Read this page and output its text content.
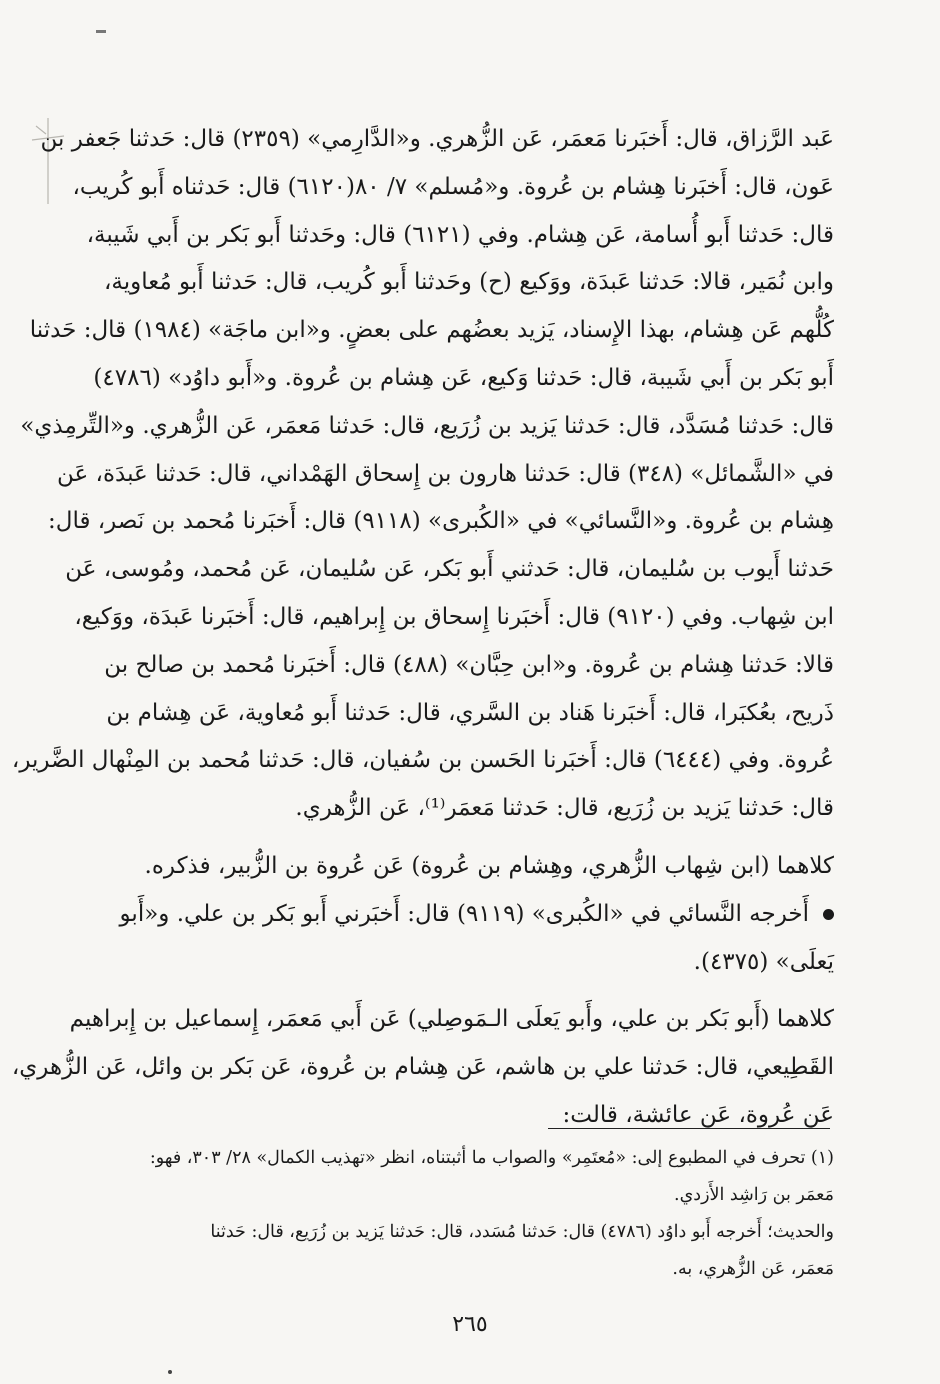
عَبد الرَّزاق، قال: أَخبَرنا مَعمَر، عَن الزُّهري. و«الدَّارِمي» (٢٣٥٩) قال: حَدثنا جَعفر بن
عَون، قال: أَخبَرنا هِشام بن عُروة. و«مُسلم» ٧/ ٨٠(٦١٢٠) قال: حَدثناه أَبو كُريب،
قال: حَدثنا أَبو أُسامة، عَن هِشام. وفي (٦١٢١) قال: وحَدثنا أَبو بَكر بن أَبي شَيبة،
وابن نُمَير، قالا: حَدثنا عَبدَة، ووَكيع (ح) وحَدثنا أَبو كُريب، قال: حَدثنا أَبو مُعاوية،
كُلُّهم عَن هِشام، بهذا الإِسناد، يَزيد بعضُهم على بعضٍ. و«ابن ماجَة» (١٩٨٤) قال: حَدثنا
أَبو بَكر بن أَبي شَيبة، قال: حَدثنا وَكيع، عَن هِشام بن عُروة. و«أَبو داوُد» (٤٧٨٦)
قال: حَدثنا مُسَدَّد، قال: حَدثنا يَزيد بن زُرَيع، قال: حَدثنا مَعمَر، عَن الزُّهري. و«التِّرمِذي»
في «الشَّمائل» (٣٤٨) قال: حَدثنا هارون بن إِسحاق الهَمْداني، قال: حَدثنا عَبدَة، عَن
هِشام بن عُروة. و«النَّسائي» في «الكُبرى» (٩١١٨) قال: أَخبَرنا مُحمد بن نَصر، قال:
حَدثنا أَيوب بن سُليمان، قال: حَدثني أَبو بَكر، عَن سُليمان، عَن مُحمد، ومُوسى، عَن
ابن شِهاب. وفي (٩١٢٠) قال: أَخبَرنا إِسحاق بن إِبراهيم، قال: أَخبَرنا عَبدَة، ووَكيع،
قالا: حَدثنا هِشام بن عُروة. و«ابن حِبَّان» (٤٨٨) قال: أَخبَرنا مُحمد بن صالح بن
ذَريح، بعُكبَرا، قال: أَخبَرنا هَناد بن السَّري، قال: حَدثنا أَبو مُعاوية، عَن هِشام بن
عُروة. وفي (٦٤٤٤) قال: أَخبَرنا الحَسن بن سُفيان، قال: حَدثنا مُحمد بن المِنْهال الضَّرير،
قال: حَدثنا يَزيد بن زُرَيع، قال: حَدثنا مَعمَر⁽¹⁾، عَن الزُّهري.
كلاهما (ابن شِهاب الزُّهري، وهِشام بن عُروة) عَن عُروة بن الزُّبير، فذكره.
أَخرجه النَّسائي في «الكُبرى» (٩١١٩) قال: أَخبَرني أَبو بَكر بن علي. و«أَبو
يَعلَى» (٤٣٧٥).
كلاهما (أَبو بَكر بن علي، وأَبو يَعلَى الـمَوصِلي) عَن أَبي مَعمَر، إِسماعيل بن إِبراهيم
القَطِيعي، قال: حَدثنا علي بن هاشم، عَن هِشام بن عُروة، عَن بَكر بن وائل، عَن الزُّهري،
عَن عُروة، عَن عائشة، قالت:
(١) تحرف في المطبوع إلى: «مُعتَمِر» والصواب ما أثبتناه، انظر «تهذيب الكمال» ٢٨/ ٣٠٣، فهو:
مَعمَر بن رَاشِد الأَزدي.
والحديث؛ أَخرجه أَبو داوُد (٤٧٨٦) قال: حَدثنا مُسَدد، قال: حَدثنا يَزيد بن زُرَيع، قال: حَدثنا
مَعمَر، عَن الزُّهري، به.
٢٦٥
